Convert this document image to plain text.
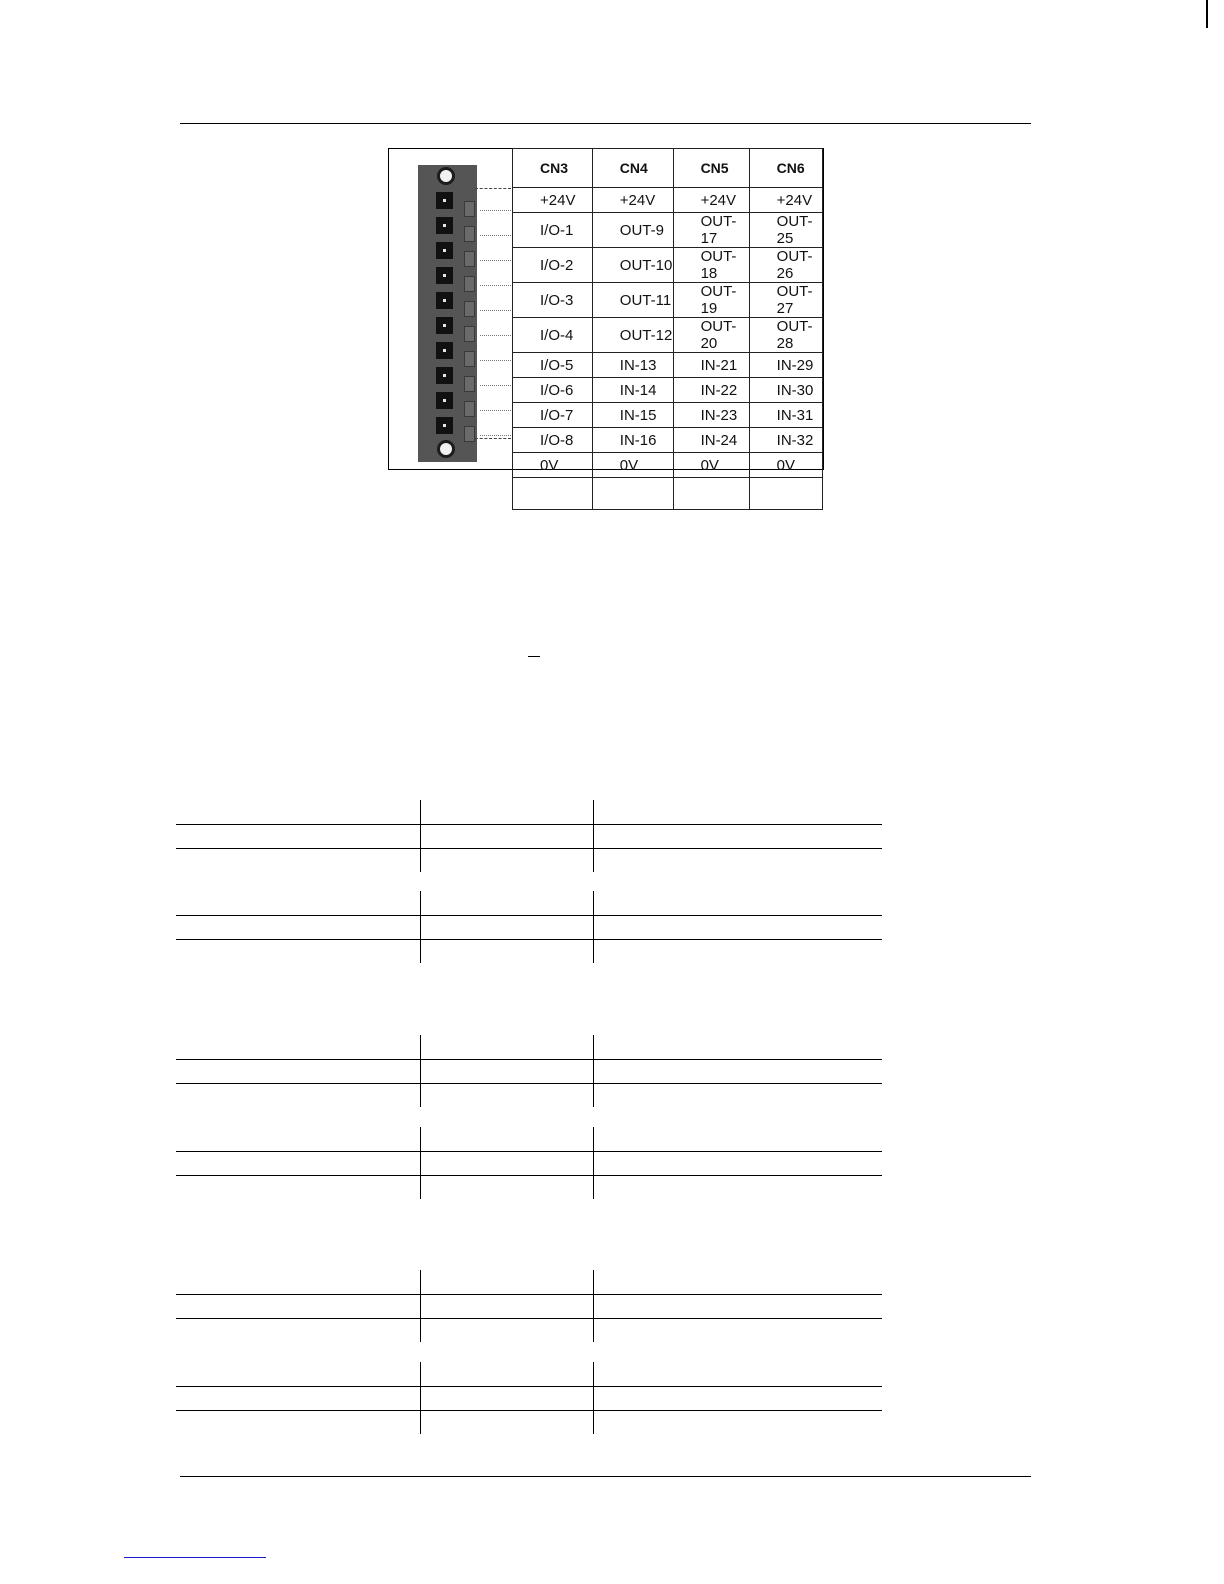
CN3	CN4	CN5	CN6
+24V	+24V	+24V	+24V
I/O-1	OUT-9	OUT-17	OUT-25
I/O-2	OUT-10	OUT-18	OUT-26
I/O-3	OUT-11	OUT-19	OUT-27
I/O-4	OUT-12	OUT-20	OUT-28
I/O-5	IN-13	IN-21	IN-29
I/O-6	IN-14	IN-22	IN-30
I/O-7	IN-15	IN-23	IN-31
I/O-8	IN-16	IN-24	IN-32
0V	0V	0V	0V
